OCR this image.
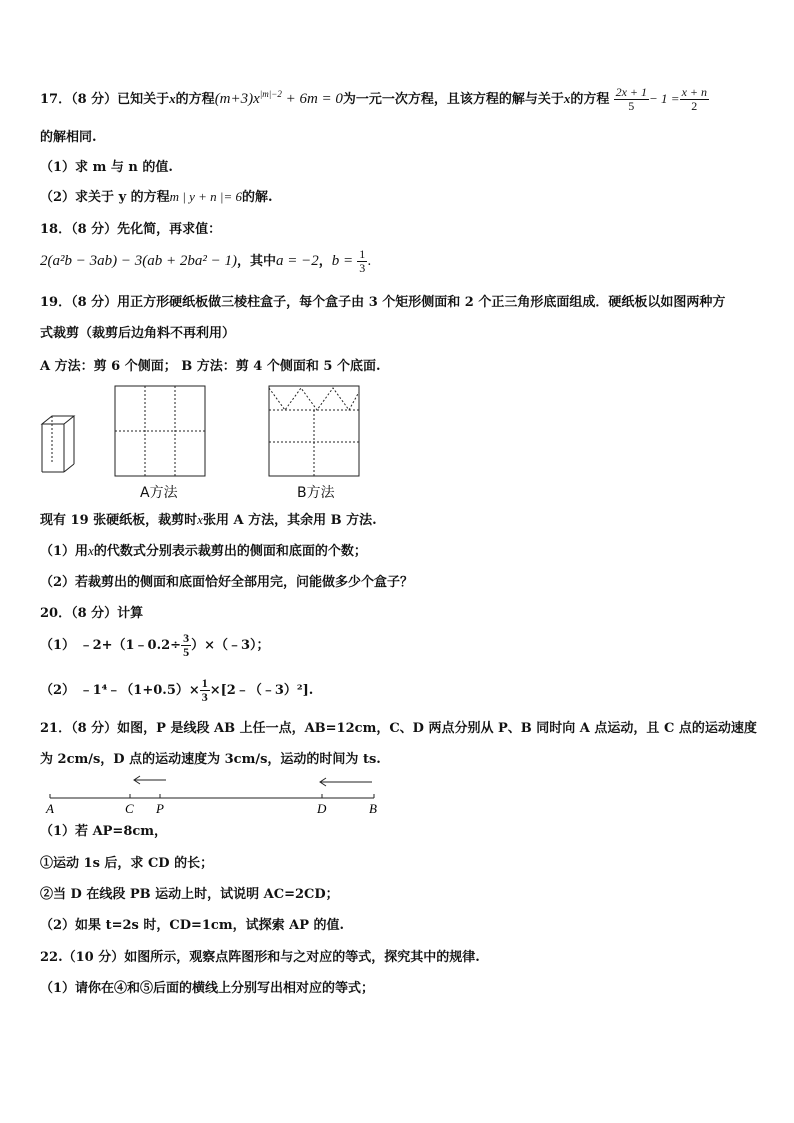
17．（8 分）已知关于x的方程$(m+3)x^{|m|-2} + 6m = 0$为一元一次方程，且该方程的解与关于x的方程 $\frac{2x + 1}{5} - 1 = \frac{x + n}{2}$
的解相同.
（1）求 m 与 n 的值.
（2）求关于 y 的方程m | y + n |= 6的解.
18．（8 分）先化简，再求值：
2(a²b − 3ab) − 3(ab + 2ba² − 1)，其中a = −2，$b = \frac{1}{3}$ .
19．（8 分）用正方形硬纸板做三棱柱盒子，每个盒子由 3 个矩形侧面和 2 个正三角形底面组成．硬纸板以如图两种方
式裁剪（裁剪后边角料不再利用）
A 方法：剪 6 个侧面； B 方法：剪 4 个侧面和 5 个底面.
A方法	B方法
现有 19 张硬纸板，裁剪时x张用 A 方法，其余用 B 方法.
（1）用x的代数式分别表示裁剪出的侧面和底面的个数；
（2）若裁剪出的侧面和底面恰好全部用完，问能做多少个盒子？
20．（8 分）计算
（1） ﹣2+（1﹣0.2÷ $\frac{3}{5}$ ）×（﹣3）；
（2） ﹣1⁴﹣（1+0.5）× $\frac{1}{3}$ ×[2﹣（﹣3）²].
21．（8 分）如图，P 是线段 AB 上任一点，AB=12cm，C、D 两点分别从 P、B 同时向 A 点运动，且 C 点的运动速度
为 2cm/s，D 点的运动速度为 3cm/s，运动的时间为 ts.
A	C P	D	B
（1）若 AP=8cm，
①运动 1s 后，求 CD 的长；
②当 D 在线段 PB 运动上时，试说明 AC=2CD；
（2）如果 t=2s 时，CD=1cm，试探索 AP 的值.
22.（10 分）如图所示，观察点阵图形和与之对应的等式，探究其中的规律.
（1）请你在④和⑤后面的横线上分别写出相对应的等式；
